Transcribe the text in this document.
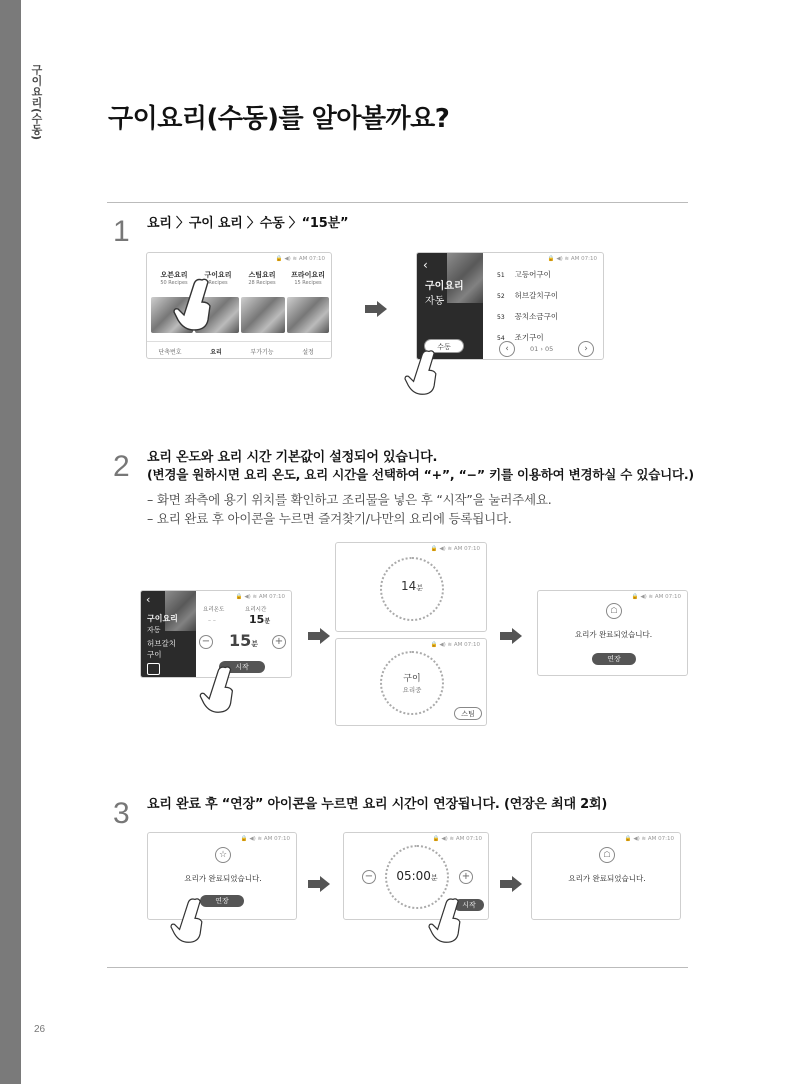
구이요리(수동)	구이요리(수동)를 알아볼까요?
1 요리 〉구이 요리 〉수동 〉“15분”
🔒 ◀) ≋ AM 07:10
오븐요리
50 Recipes
구이요리
Recipes
스팀요리
28 Recipes
프라이요리
15 Recipes
단축번호	요리	부가기능	설정
‹
구이요리
자동
수동
🔒 ◀) ≋ AM 07:10
51 고등어구이
52 허브갈치구이
53 꽁치소금구이
54 조기구이
‹	01 › 05	›
2 요리 온도와 요리 시간 기본값이 설정되어 있습니다.
(변경을 원하시면 요리 온도, 요리 시간을 선택하여 “+”, “−” 키를 이용하여 변경하실 수 있습니다.)
– 화면 좌측에 용기 위치를 확인하고 조리물을 넣은 후 “시작”을 눌러주세요.
– 요리 완료 후 아이콘을 누르면 즐겨찾기/나만의 요리에 등록됩니다.
‹
구이요리
자동
허브갈치
구이
🔒 ◀) ≋ AM 07:10
요리온도	요리시간
– –	15분
− 15분 +
시작
🔒 ◀) ≋ AM 07:10
14분
🔒 ◀) ≋ AM 07:10
구이
요리중
스팀
🔒 ◀) ≋ AM 07:10
☖
요리가 완료되었습니다.
연장
3 요리 완료 후 “연장” 아이콘을 누르면 요리 시간이 연장됩니다. (연장은 최대 2회)
🔒 ◀) ≋ AM 07:10
☆
요리가 완료되었습니다.
연장
🔒 ◀) ≋ AM 07:10
−	05:00분	+
시작
🔒 ◀) ≋ AM 07:10
☖
요리가 완료되었습니다.
26
